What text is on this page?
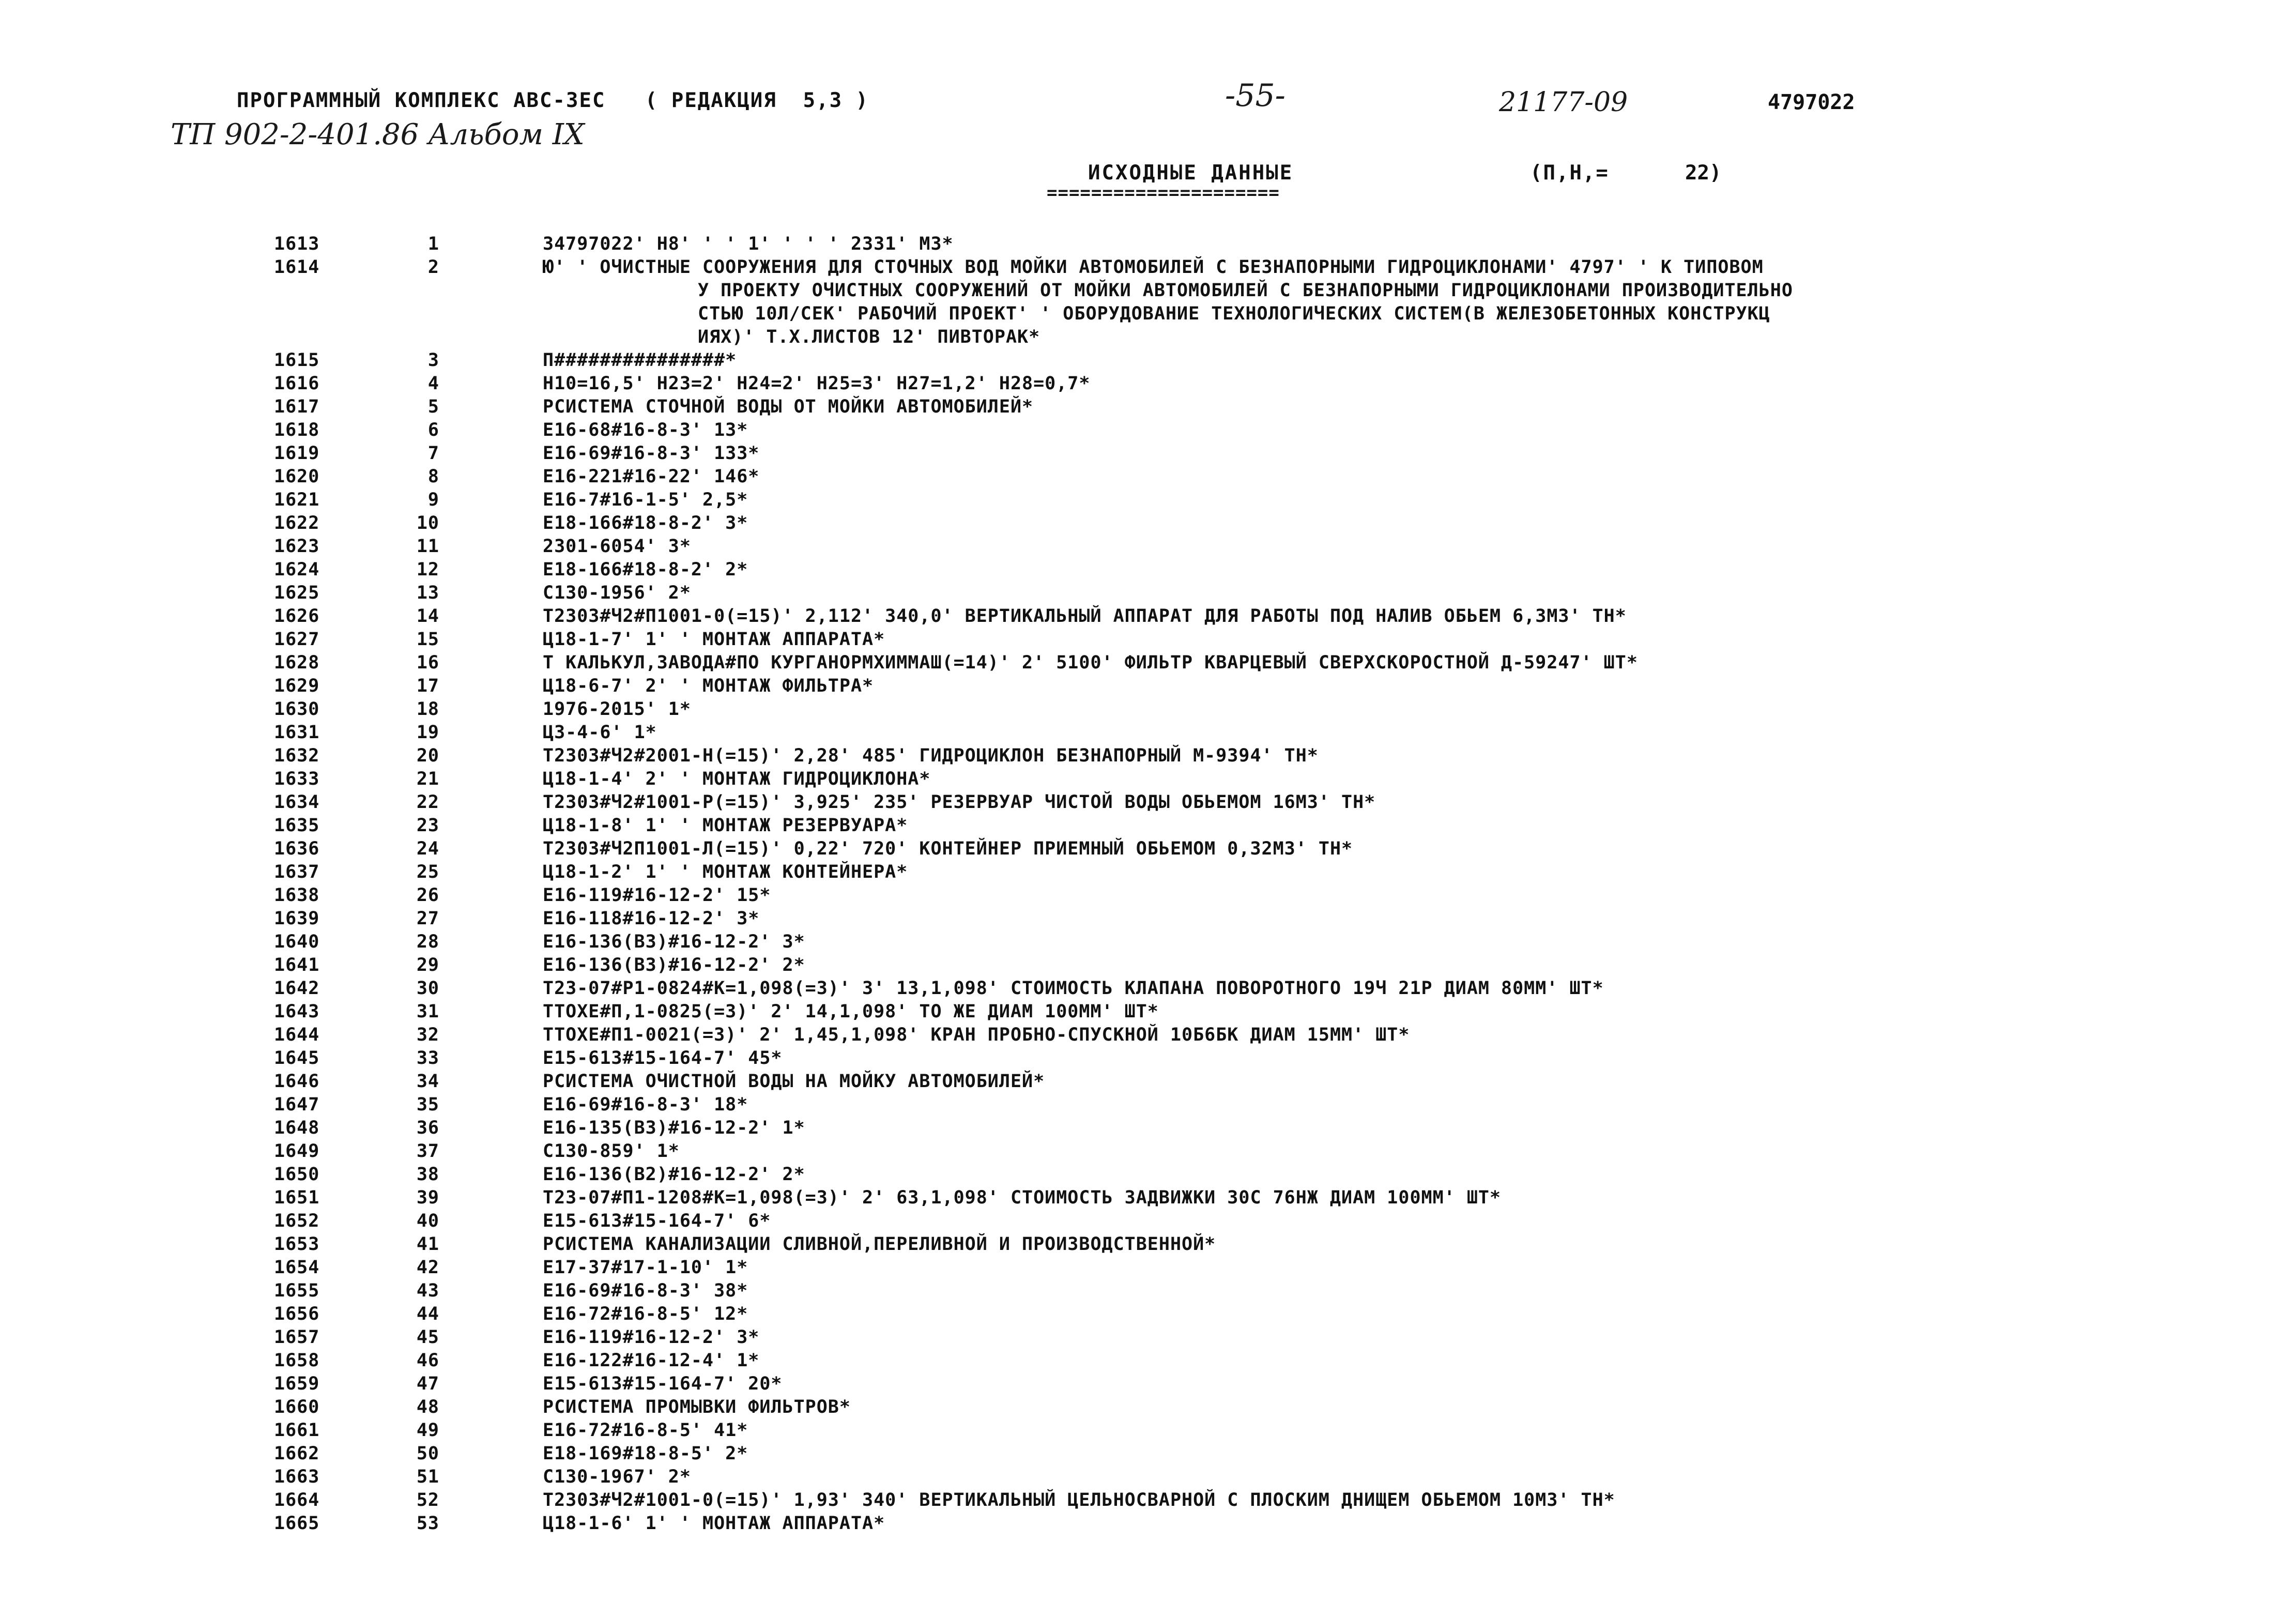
ПРОГРАММНЫЙ КОМПЛЕКС АВС-3ЕС   ( РЕДАКЦИЯ  5,3 )	-55-	21177-09	4797022
ТП 902-2-401.86 Альбом IX
ИСХОДНЫЕ ДАННЫЕ
=====================
(П,Н,=	22)
1613	1	34797022' Н8' ' ' 1' ' ' ' 2331' М3*
1614	2	Ю' ' ОЧИСТНЫЕ СООРУЖЕНИЯ ДЛЯ СТОЧНЫХ ВОД МОЙКИ АВТОМОБИЛЕЙ С БЕЗНАПОРНЫМИ ГИДРОЦИКЛОНАМИ' 4797' ' К ТИПОВОМ
У ПРОЕКТУ ОЧИСТНЫХ СООРУЖЕНИЙ ОТ МОЙКИ АВТОМОБИЛЕЙ С БЕЗНАПОРНЫМИ ГИДРОЦИКЛОНАМИ ПРОИЗВОДИТЕЛЬНО
СТЬЮ 10Л/СЕК' РАБОЧИЙ ПРОЕКТ' ' ОБОРУДОВАНИЕ ТЕХНОЛОГИЧЕСКИХ СИСТЕМ(В ЖЕЛЕЗОБЕТОННЫХ КОНСТРУКЦ
ИЯХ)' Т.Х.ЛИСТОВ 12' ПИВТОРАК*
1615	3	П###############*
1616	4	Н10=16,5' Н23=2' Н24=2' Н25=3' Н27=1,2' Н28=0,7*
1617	5	РСИСТЕМА СТОЧНОЙ ВОДЫ ОТ МОЙКИ АВТОМОБИЛЕЙ*
1618	6	Е16-68#16-8-3' 13*
1619	7	Е16-69#16-8-3' 133*
1620	8	Е16-221#16-22' 146*
1621	9	Е16-7#16-1-5' 2,5*
1622	10	Е18-166#18-8-2' 3*
1623	11	2301-6054' 3*
1624	12	Е18-166#18-8-2' 2*
1625	13	С130-1956' 2*
1626	14	Т2303#Ч2#П1001-0(=15)' 2,112' 340,0' ВЕРТИКАЛЬНЫЙ АППАРАТ ДЛЯ РАБОТЫ ПОД НАЛИВ ОБЬЕМ 6,3М3' ТН*
1627	15	Ц18-1-7' 1' ' МОНТАЖ АППАРАТА*
1628	16	Т КАЛЬКУЛ,ЗАВОДА#ПО КУРГАНОРМХИММАШ(=14)' 2' 5100' ФИЛЬТР КВАРЦЕВЫЙ СВЕРХСКОРОСТНОЙ Д-59247' ШТ*
1629	17	Ц18-6-7' 2' ' МОНТАЖ ФИЛЬТРА*
1630	18	1976-2015' 1*
1631	19	Ц3-4-6' 1*
1632	20	Т2303#Ч2#2001-Н(=15)' 2,28' 485' ГИДРОЦИКЛОН БЕЗНАПОРНЫЙ М-9394' ТН*
1633	21	Ц18-1-4' 2' ' МОНТАЖ ГИДРОЦИКЛОНА*
1634	22	Т2303#Ч2#1001-Р(=15)' 3,925' 235' РЕЗЕРВУАР ЧИСТОЙ ВОДЫ ОБЬЕМОМ 16М3' ТН*
1635	23	Ц18-1-8' 1' ' МОНТАЖ РЕЗЕРВУАРА*
1636	24	Т2303#Ч2П1001-Л(=15)' 0,22' 720' КОНТЕЙНЕР ПРИЕМНЫЙ ОБЬЕМОМ 0,32М3' ТН*
1637	25	Ц18-1-2' 1' ' МОНТАЖ КОНТЕЙНЕРА*
1638	26	Е16-119#16-12-2' 15*
1639	27	Е16-118#16-12-2' 3*
1640	28	Е16-136(В3)#16-12-2' 3*
1641	29	Е16-136(В3)#16-12-2' 2*
1642	30	Т23-07#Р1-0824#К=1,098(=3)' 3' 13,1,098' СТОИМОСТЬ КЛАПАНА ПОВОРОТНОГО 19Ч 21Р ДИАМ 80ММ' ШТ*
1643	31	ТТОХЕ#П,1-0825(=3)' 2' 14,1,098' ТО ЖЕ ДИАМ 100ММ' ШТ*
1644	32	ТТОХЕ#П1-0021(=3)' 2' 1,45,1,098' КРАН ПРОБНО-СПУСКНОЙ 10Б6БК ДИАМ 15ММ' ШТ*
1645	33	Е15-613#15-164-7' 45*
1646	34	РСИСТЕМА ОЧИСТНОЙ ВОДЫ НА МОЙКУ АВТОМОБИЛЕЙ*
1647	35	Е16-69#16-8-3' 18*
1648	36	Е16-135(В3)#16-12-2' 1*
1649	37	С130-859' 1*
1650	38	Е16-136(В2)#16-12-2' 2*
1651	39	Т23-07#П1-1208#К=1,098(=3)' 2' 63,1,098' СТОИМОСТЬ ЗАДВИЖКИ 30С 76НЖ ДИАМ 100ММ' ШТ*
1652	40	Е15-613#15-164-7' 6*
1653	41	РСИСТЕМА КАНАЛИЗАЦИИ СЛИВНОЙ,ПЕРЕЛИВНОЙ И ПРОИЗВОДСТВЕННОЙ*
1654	42	Е17-37#17-1-10' 1*
1655	43	Е16-69#16-8-3' 38*
1656	44	Е16-72#16-8-5' 12*
1657	45	Е16-119#16-12-2' 3*
1658	46	Е16-122#16-12-4' 1*
1659	47	Е15-613#15-164-7' 20*
1660	48	РСИСТЕМА ПРОМЫВКИ ФИЛЬТРОВ*
1661	49	Е16-72#16-8-5' 41*
1662	50	Е18-169#18-8-5' 2*
1663	51	С130-1967' 2*
1664	52	Т2303#Ч2#1001-0(=15)' 1,93' 340' ВЕРТИКАЛЬНЫЙ ЦЕЛЬНОСВАРНОЙ С ПЛОСКИМ ДНИЩЕМ ОБЬЕМОМ 10М3' ТН*
1665	53	Ц18-1-6' 1' ' МОНТАЖ АППАРАТА*
